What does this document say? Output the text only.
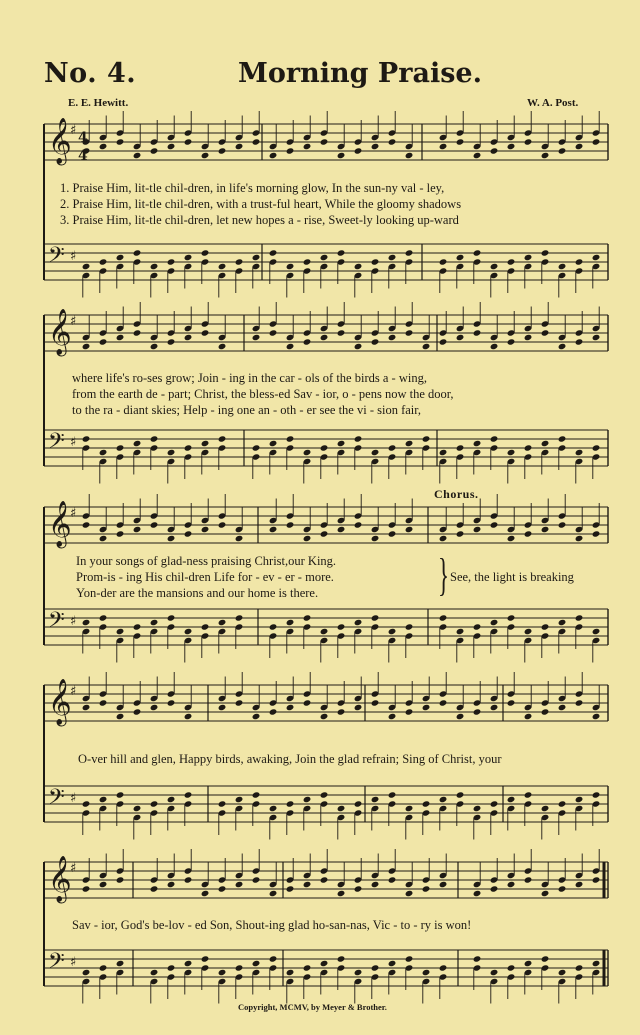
No. 4.	Morning Praise.
E. E. Hewitt.	W. A. Post.
𝄞
♯
𝄢 ♯
𝄞
♯
𝄢 ♯
𝄞
♯
𝄢 ♯
𝄞
♯
𝄢 ♯
𝄞
♯
𝄢 ♯
4
4
1. Praise Him, lit-tle chil-dren, in life's morning glow, In the sun-ny val - ley,
2. Praise Him, lit-tle chil-dren, with a trust-ful heart, While the gloomy shadows
3. Praise Him, lit-tle chil-dren, let new hopes a - rise, Sweet-ly looking up-ward
where life's ro-ses grow; Join - ing in the car - ols of the birds a - wing,
from the earth de - part; Christ, the bless-ed Sav - ior, o - pens now the door,
to the ra - diant skies; Help - ing one an - oth - er see the vi - sion fair,
Chorus.
In your songs of glad-ness praising Christ,our King.
Prom-is - ing His chil-dren Life for - ev - er - more.
Yon-der are the mansions and our home is there.	} See, the light is breaking
O-ver hill and glen, Happy birds, awaking, Join the glad refrain; Sing of Christ, your
Sav - ior, God's be-lov - ed Son, Shout-ing glad ho-san-nas, Vic - to - ry is won!
Copyright, MCMV, by Meyer & Brother.
